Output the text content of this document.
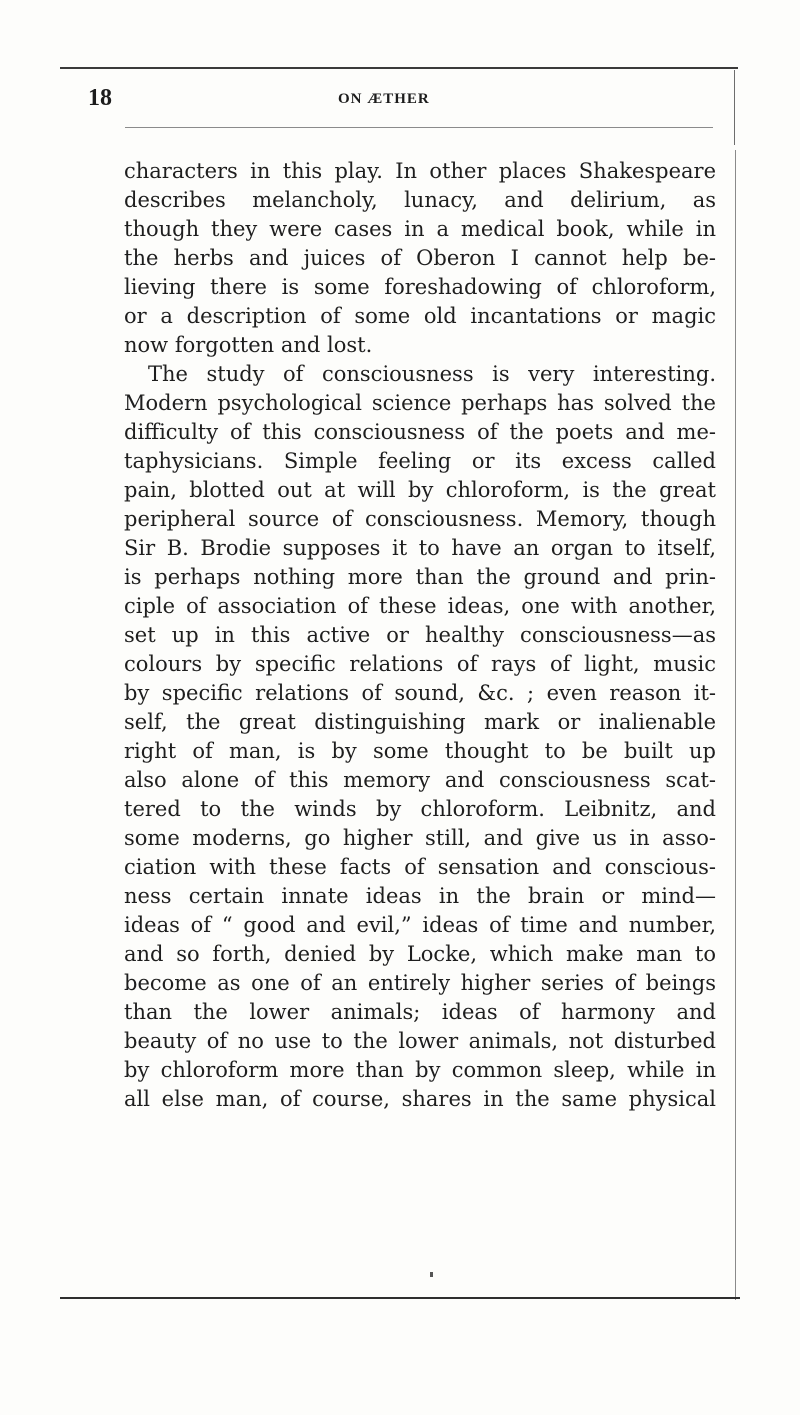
18	ON ÆTHER
characters in this play. In other places Shakespeare
describes melancholy, lunacy, and delirium, as
though they were cases in a medical book, while in
the herbs and juices of Oberon I cannot help be-
lieving there is some foreshadowing of chloroform,
or a description of some old incantations or magic
now forgotten and lost.
The study of consciousness is very interesting.
Modern psychological science perhaps has solved the
difficulty of this consciousness of the poets and me-
taphysicians. Simple feeling or its excess called
pain, blotted out at will by chloroform, is the great
peripheral source of consciousness. Memory, though
Sir B. Brodie supposes it to have an organ to itself,
is perhaps nothing more than the ground and prin-
ciple of association of these ideas, one with another,
set up in this active or healthy consciousness—as
colours by specific relations of rays of light, music
by specific relations of sound, &c. ; even reason it-
self, the great distinguishing mark or inalienable
right of man, is by some thought to be built up
also alone of this memory and consciousness scat-
tered to the winds by chloroform. Leibnitz, and
some moderns, go higher still, and give us in asso-
ciation with these facts of sensation and conscious-
ness certain innate ideas in the brain or mind—
ideas of “ good and evil,” ideas of time and number,
and so forth, denied by Locke, which make man to
become as one of an entirely higher series of beings
than the lower animals; ideas of harmony and
beauty of no use to the lower animals, not disturbed
by chloroform more than by common sleep, while in
all else man, of course, shares in the same physical
